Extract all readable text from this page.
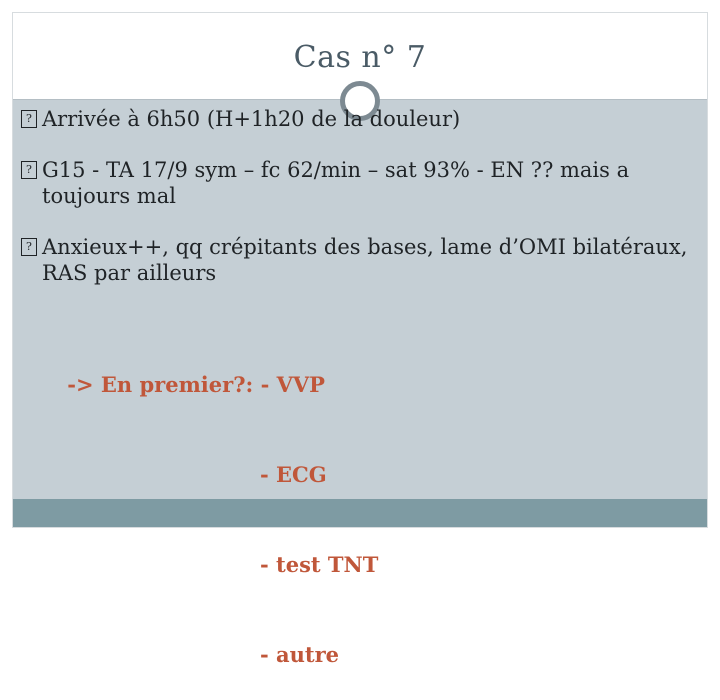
Cas n° 7
? Arrivée à 6h50 (H+1h20 de la douleur)
? G15 - TA 17/9 sym – fc 62/min – sat 93% - EN ?? mais a toujours mal
? Anxieux++, qq crépitants des bases, lame d’OMI bilatéraux, RAS par ailleurs

-> En premier?: - VVP

- ECG

- test TNT

- autre
